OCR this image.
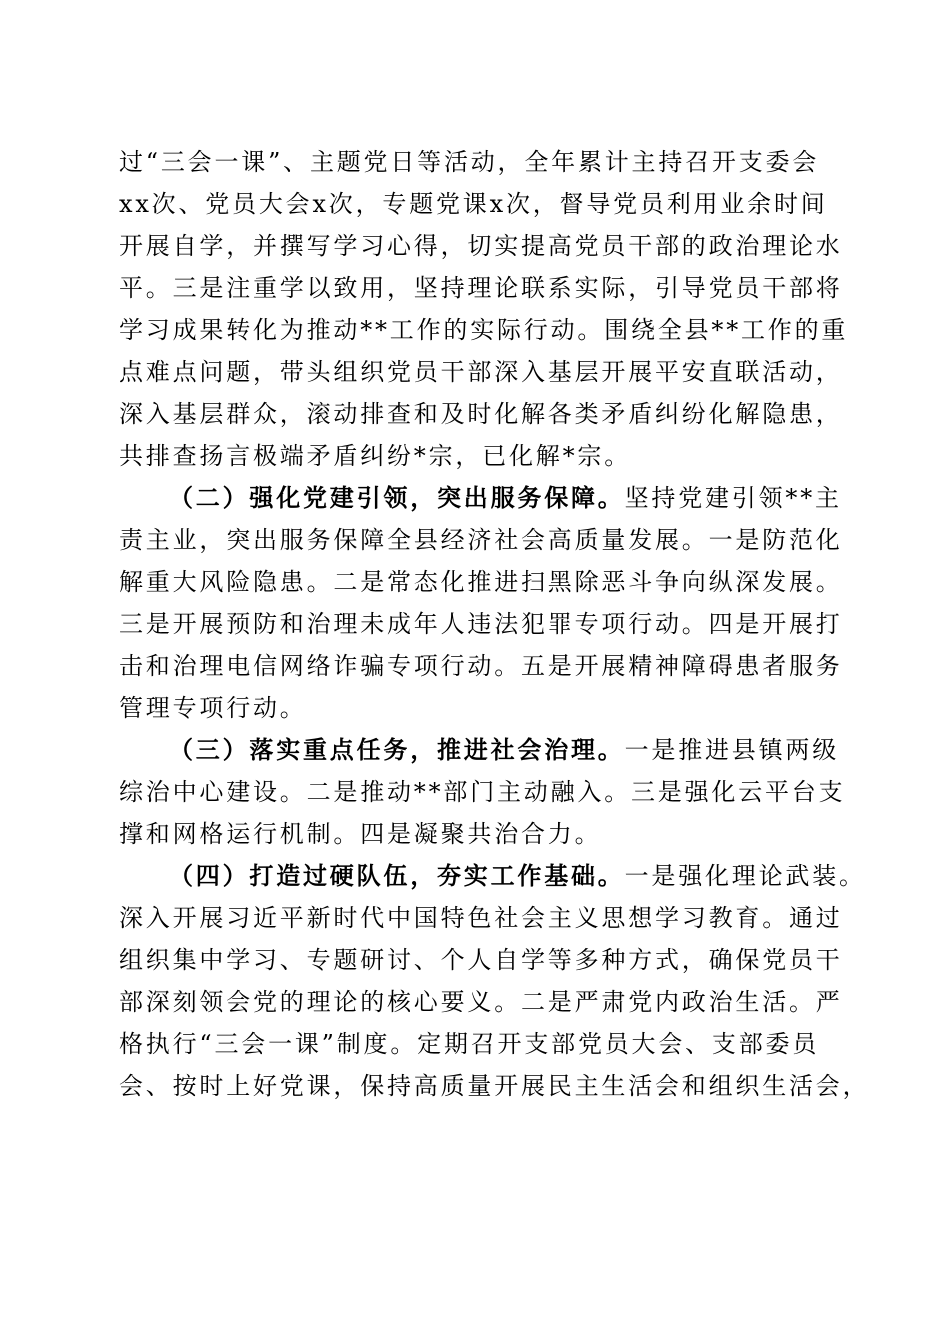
过“三会一课”、主题党日等活动，全年累计主持召开支委会
xx次、党员大会x次，专题党课x次，督导党员利用业余时间
开展自学，并撰写学习心得，切实提高党员干部的政治理论水
平。三是注重学以致用，坚持理论联系实际，引导党员干部将
学习成果转化为推动**工作的实际行动。围绕全县**工作的重
点难点问题，带头组织党员干部深入基层开展平安直联活动，
深入基层群众，滚动排查和及时化解各类矛盾纠纷化解隐患，
共排查扬言极端矛盾纠纷*宗，已化解*宗。
（二）强化党建引领，突出服务保障。坚持党建引领**主
责主业，突出服务保障全县经济社会高质量发展。一是防范化
解重大风险隐患。二是常态化推进扫黑除恶斗争向纵深发展。
三是开展预防和治理未成年人违法犯罪专项行动。四是开展打
击和治理电信网络诈骗专项行动。五是开展精神障碍患者服务
管理专项行动。
（三）落实重点任务，推进社会治理。一是推进县镇两级
综治中心建设。二是推动**部门主动融入。三是强化云平台支
撑和网格运行机制。四是凝聚共治合力。
（四）打造过硬队伍，夯实工作基础。一是强化理论武装。
深入开展习近平新时代中国特色社会主义思想学习教育。通过
组织集中学习、专题研讨、个人自学等多种方式，确保党员干
部深刻领会党的理论的核心要义。二是严肃党内政治生活。严
格执行“三会一课”制度。定期召开支部党员大会、支部委员
会、按时上好党课，保持高质量开展民主生活会和组织生活会，
